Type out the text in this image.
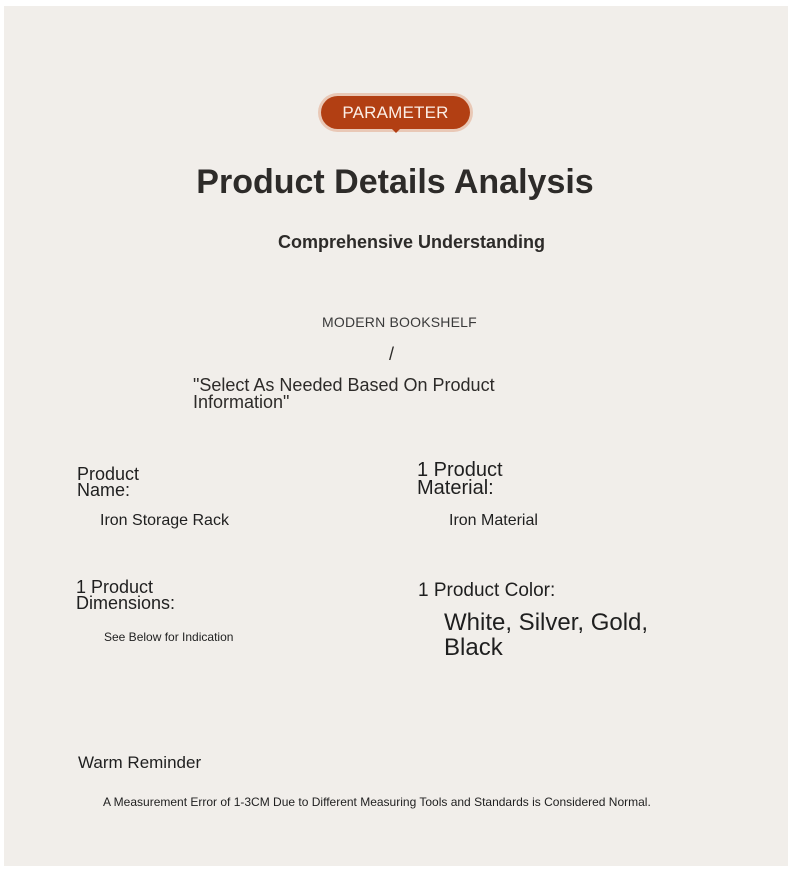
PARAMETER
Product Details Analysis
Comprehensive Understanding
MODERN BOOKSHELF
/
"Select As Needed Based On Product Information"
Product Name:
Iron Storage Rack
1 Product Material:
Iron Material
1 Product Dimensions:
See Below for Indication
1 Product Color:
White, Silver, Gold, Black
Warm Reminder
A Measurement Error of 1-3CM Due to Different Measuring Tools and Standards is Considered Normal.
